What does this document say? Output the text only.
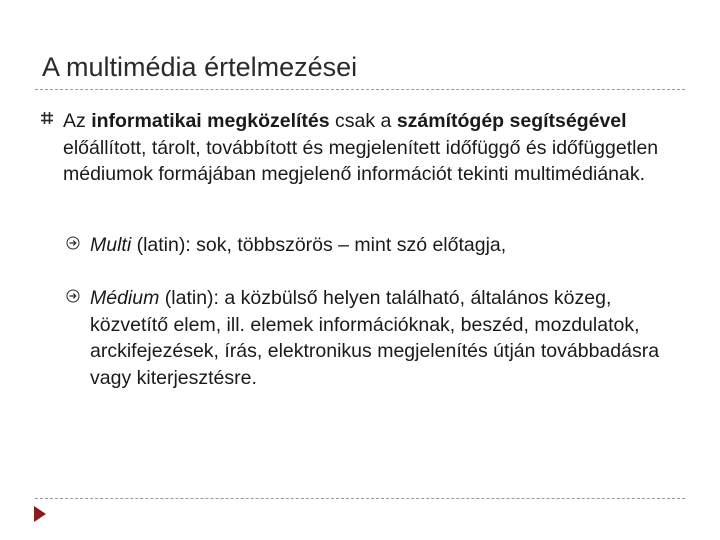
A multimédia értelmezései
Az informatikai megközelítés csak a számítógép segítségével előállított, tárolt, továbbított és megjelenített időfüggő és időfüggetlen médiumok formájában megjelenő információt tekinti multimédiának.
Multi (latin): sok, többszörös – mint szó előtagja,
Médium (latin): a közbülső helyen található, általános közeg, közvetítő elem, ill. elemek információknak, beszéd, mozdulatok, arckifejezések, írás, elektronikus megjelenítés útján továbbadásra vagy kiterjesztésre.
